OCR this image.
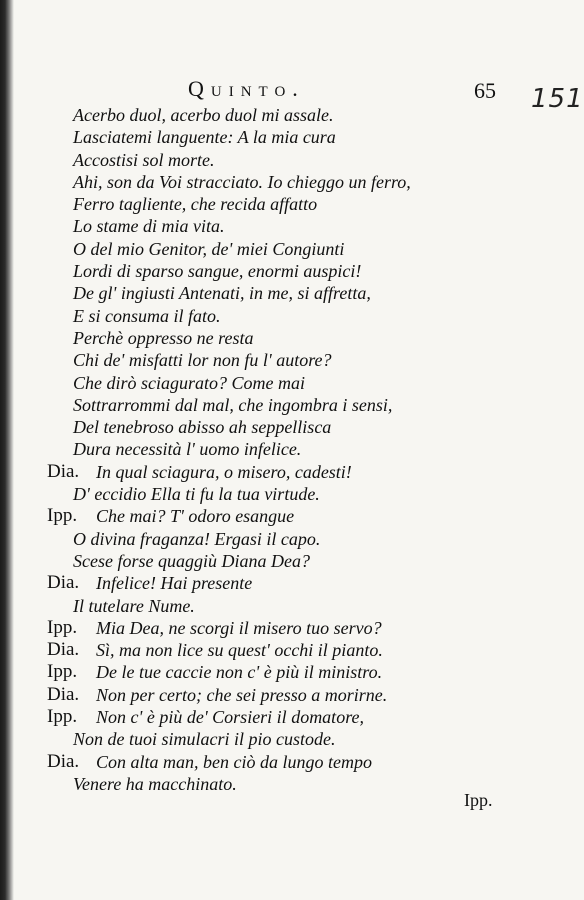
Quinto.	65 151
Acerbo duol, acerbo duol mi assale.
Lasciatemi languente: A la mia cura
Accostisi sol morte.
Ahi, son da Voi stracciato. Io chieggo un ferro,
Ferro tagliente, che recida affatto
Lo stame di mia vita.
O del mio Genitor, de' miei Congiunti
Lordi di sparso sangue, enormi auspici!
De gl' ingiusti Antenati, in me, si affretta,
E si consuma il fato.
Perchè oppresso ne resta
Chi de' misfatti lor non fu l' autore?
Che dirò sciagurato? Come mai
Sottrarrommi dal mal, che ingombra i sensi,
Del tenebroso abisso ah seppellisca
Dura necessità l' uomo infelice.
Dia. In qual sciagura, o misero, cadesti!
D' eccidio Ella ti fu la tua virtude.
Ipp. Che mai? T' odoro esangue
O divina fraganza! Ergasi il capo.
Scese forse quaggiù Diana Dea?
Dia. Infelice! Hai presente
Il tutelare Nume.
Ipp. Mia Dea, ne scorgi il misero tuo servo?
Dia. Sì, ma non lice su quest' occhi il pianto.
Ipp. De le tue caccie non c' è più il ministro.
Dia. Non per certo; che sei presso a morirne.
Ipp. Non c' è più de' Corsieri il domatore,
Non de tuoi simulacri il pio custode.
Dia. Con alta man, ben ciò da lungo tempo
Venere ha macchinato.
Ipp.
